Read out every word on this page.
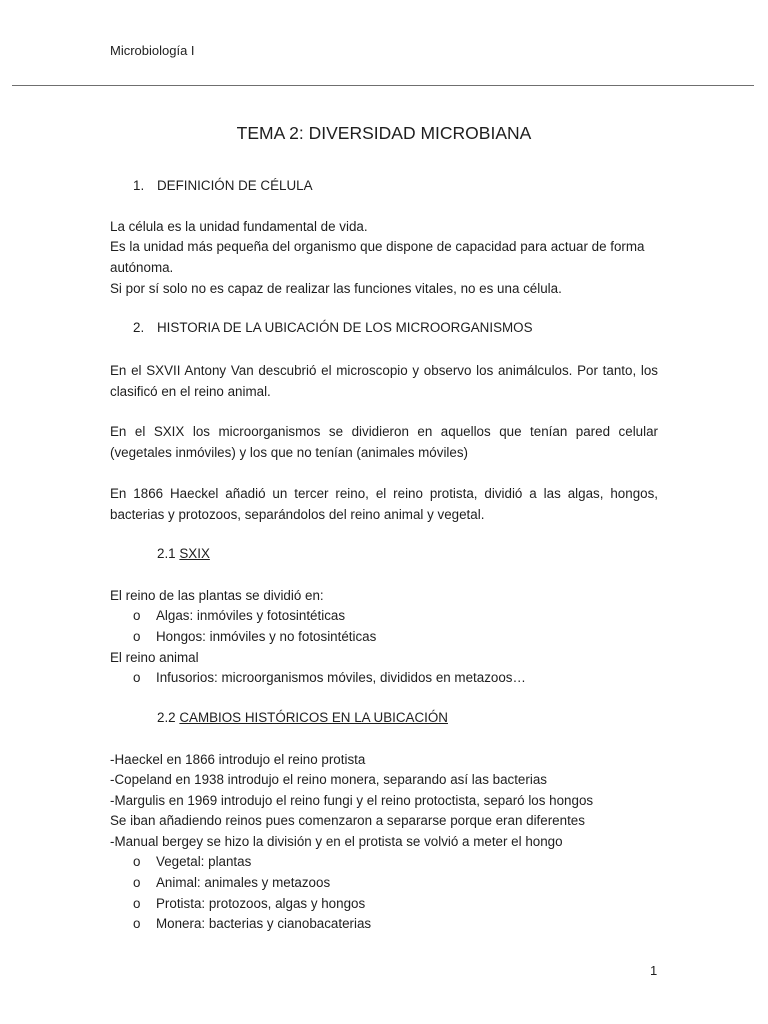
Microbiología I
TEMA 2: DIVERSIDAD MICROBIANA
1. DEFINICIÓN DE CÉLULA
La célula es la unidad fundamental de vida.
Es la unidad más pequeña del organismo que dispone de capacidad para actuar de forma autónoma.
Si por sí solo no es capaz de realizar las funciones vitales, no es una célula.
2. HISTORIA DE LA UBICACIÓN DE LOS MICROORGANISMOS
En el SXVII Antony Van descubrió el microscopio y observo los animálculos. Por tanto, los clasificó en el reino animal.
En el SXIX los microorganismos se dividieron en aquellos que tenían pared celular (vegetales inmóviles) y los que no tenían (animales móviles)
En 1866 Haeckel añadió un tercer reino, el reino protista, dividió a las algas, hongos, bacterias y protozoos, separándolos del reino animal y vegetal.
2.1 SXIX
El reino de las plantas se dividió en:
o Algas: inmóviles y fotosintéticas
o Hongos: inmóviles y no fotosintéticas
El reino animal
o Infusorios: microorganismos móviles, divididos en metazoos…
2.2 CAMBIOS HISTÓRICOS EN LA UBICACIÓN
-Haeckel en 1866 introdujo el reino protista
-Copeland en 1938 introdujo el reino monera, separando así las bacterias
-Margulis en 1969 introdujo el reino fungi y el reino protoctista, separó los hongos
Se iban añadiendo reinos pues comenzaron a separarse porque eran diferentes
-Manual bergey se hizo la división y en el protista se volvió a meter el hongo
o Vegetal: plantas
o Animal: animales y metazoos
o Protista: protozoos, algas y hongos
o Monera: bacterias y cianobacaterias
1
